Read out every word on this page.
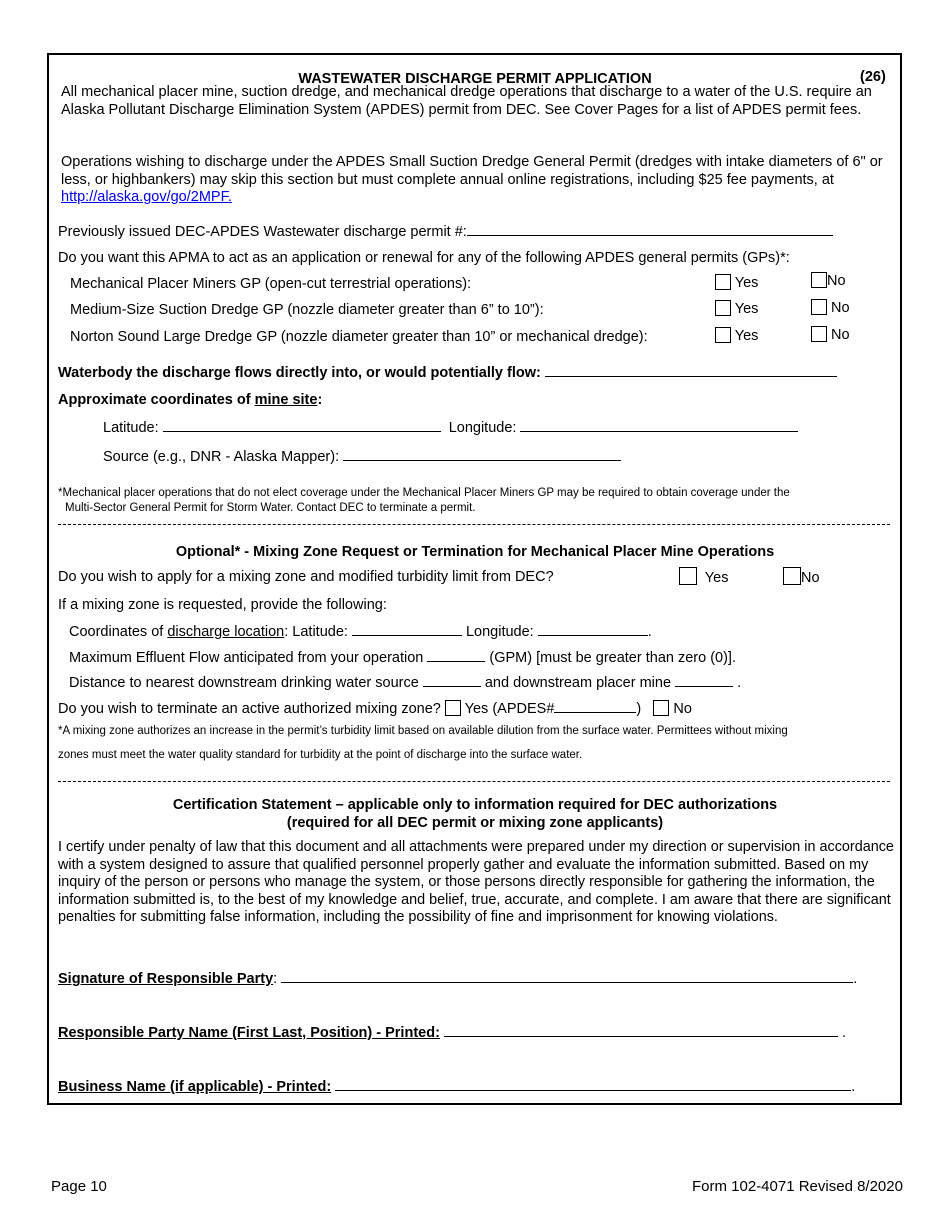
WASTEWATER DISCHARGE PERMIT APPLICATION	(26)
All mechanical placer mine, suction dredge, and mechanical dredge operations that discharge to a water of the U.S. require an Alaska Pollutant Discharge Elimination System (APDES) permit from DEC. See Cover Pages for a list of APDES permit fees.
Operations wishing to discharge under the APDES Small Suction Dredge General Permit (dredges with intake diameters of 6" or less, or highbankers) may skip this section but must complete annual online registrations, including $25 fee payments, at http://alaska.gov/go/2MPF.
Previously issued DEC-APDES Wastewater discharge permit #:
Do you want this APMA to act as an application or renewal for any of the following APDES general permits (GPs)*:
Mechanical Placer Miners GP (open-cut terrestrial operations):	Yes	No
Medium-Size Suction Dredge GP (nozzle diameter greater than 6” to 10”):	Yes	No
Norton Sound Large Dredge GP (nozzle diameter greater than 10” or mechanical dredge):	Yes	No
Waterbody the discharge flows directly into, or would potentially flow:
Approximate coordinates of mine site:
Latitude:	Longitude:
Source (e.g., DNR - Alaska Mapper):
*Mechanical placer operations that do not elect coverage under the Mechanical Placer Miners GP may be required to obtain coverage under the
Multi-Sector General Permit for Storm Water. Contact DEC to terminate a permit.
Optional* - Mixing Zone Request or Termination for Mechanical Placer Mine Operations
Do you wish to apply for a mixing zone and modified turbidity limit from DEC?	Yes	No
If a mixing zone is requested, provide the following:
Coordinates of discharge location: Latitude:	Longitude:	.
Maximum Effluent Flow anticipated from your operation	(GPM) [must be greater than zero (0)].
Distance to nearest downstream drinking water source	and downstream placer mine	.
Do you wish to terminate an active authorized mixing zone? Yes (APDES#	) No
*A mixing zone authorizes an increase in the permit’s turbidity limit based on available dilution from the surface water. Permittees without mixing
zones must meet the water quality standard for turbidity at the point of discharge into the surface water.
Certification Statement – applicable only to information required for DEC authorizations
(required for all DEC permit or mixing zone applicants)
I certify under penalty of law that this document and all attachments were prepared under my direction or supervision in accordance with a system designed to assure that qualified personnel properly gather and evaluate the information submitted. Based on my inquiry of the person or persons who manage the system, or those persons directly responsible for gathering the information, the information submitted is, to the best of my knowledge and belief, true, accurate, and complete. I am aware that there are significant penalties for submitting false information, including the possibility of fine and imprisonment for knowing violations.
Signature of Responsible Party:	.
Responsible Party Name (First Last, Position) - Printed:	.
Business Name (if applicable) - Printed:	.
Page 10	Form 102-4071 Revised 8/2020
